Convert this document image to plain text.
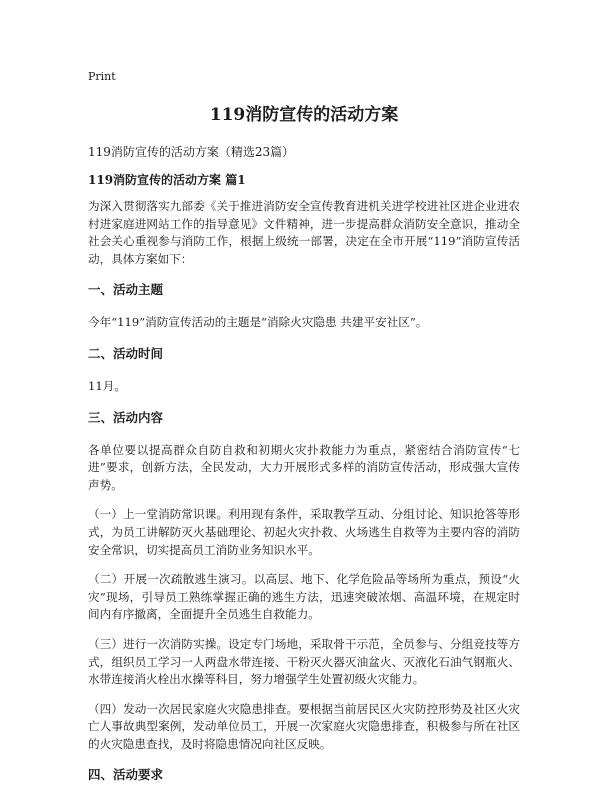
Print
119消防宣传的活动方案
119消防宣传的活动方案（精选23篇）
119消防宣传的活动方案 篇1
为深入贯彻落实九部委《关于推进消防安全宣传教育进机关进学校进社区进企业进农村进家庭进网站工作的指导意见》文件精神，进一步提高群众消防安全意识，推动全社会关心重视参与消防工作，根据上级统一部署，决定在全市开展“119”消防宣传活动，具体方案如下：
一、活动主题
今年“119”消防宣传活动的主题是“消除火灾隐患 共建平安社区”。
二、活动时间
11月。
三、活动内容
各单位要以提高群众自防自救和初期火灾扑救能力为重点，紧密结合消防宣传“七进”要求，创新方法，全民发动，大力开展形式多样的消防宣传活动，形成强大宣传声势。
（一）上一堂消防常识课。利用现有条件，采取教学互动、分组讨论、知识抢答等形式，为员工讲解防灭火基础理论、初起火灾扑救、火场逃生自救等为主要内容的消防安全常识，切实提高员工消防业务知识水平。
（二）开展一次疏散逃生演习。以高层、地下、化学危险品等场所为重点，预设“火灾”现场，引导员工熟练掌握正确的逃生方法，迅速突破浓烟、高温环境，在规定时间内有序撤离，全面提升全员逃生自救能力。
（三）进行一次消防实操。设定专门场地，采取骨干示范，全员参与、分组竞技等方式，组织员工学习一人两盘水带连接、干粉灭火器灭油盆火、灭液化石油气钢瓶火、水带连接消火栓出水操等科目，努力增强学生处置初级火灾能力。
（四）发动一次居民家庭火灾隐患排查。要根据当前居民区火灾防控形势及社区火灾亡人事故典型案例，发动单位员工，开展一次家庭火灾隐患排查，积极参与所在社区的火灾隐患查找，及时将隐患情况向社区反映。
四、活动要求
